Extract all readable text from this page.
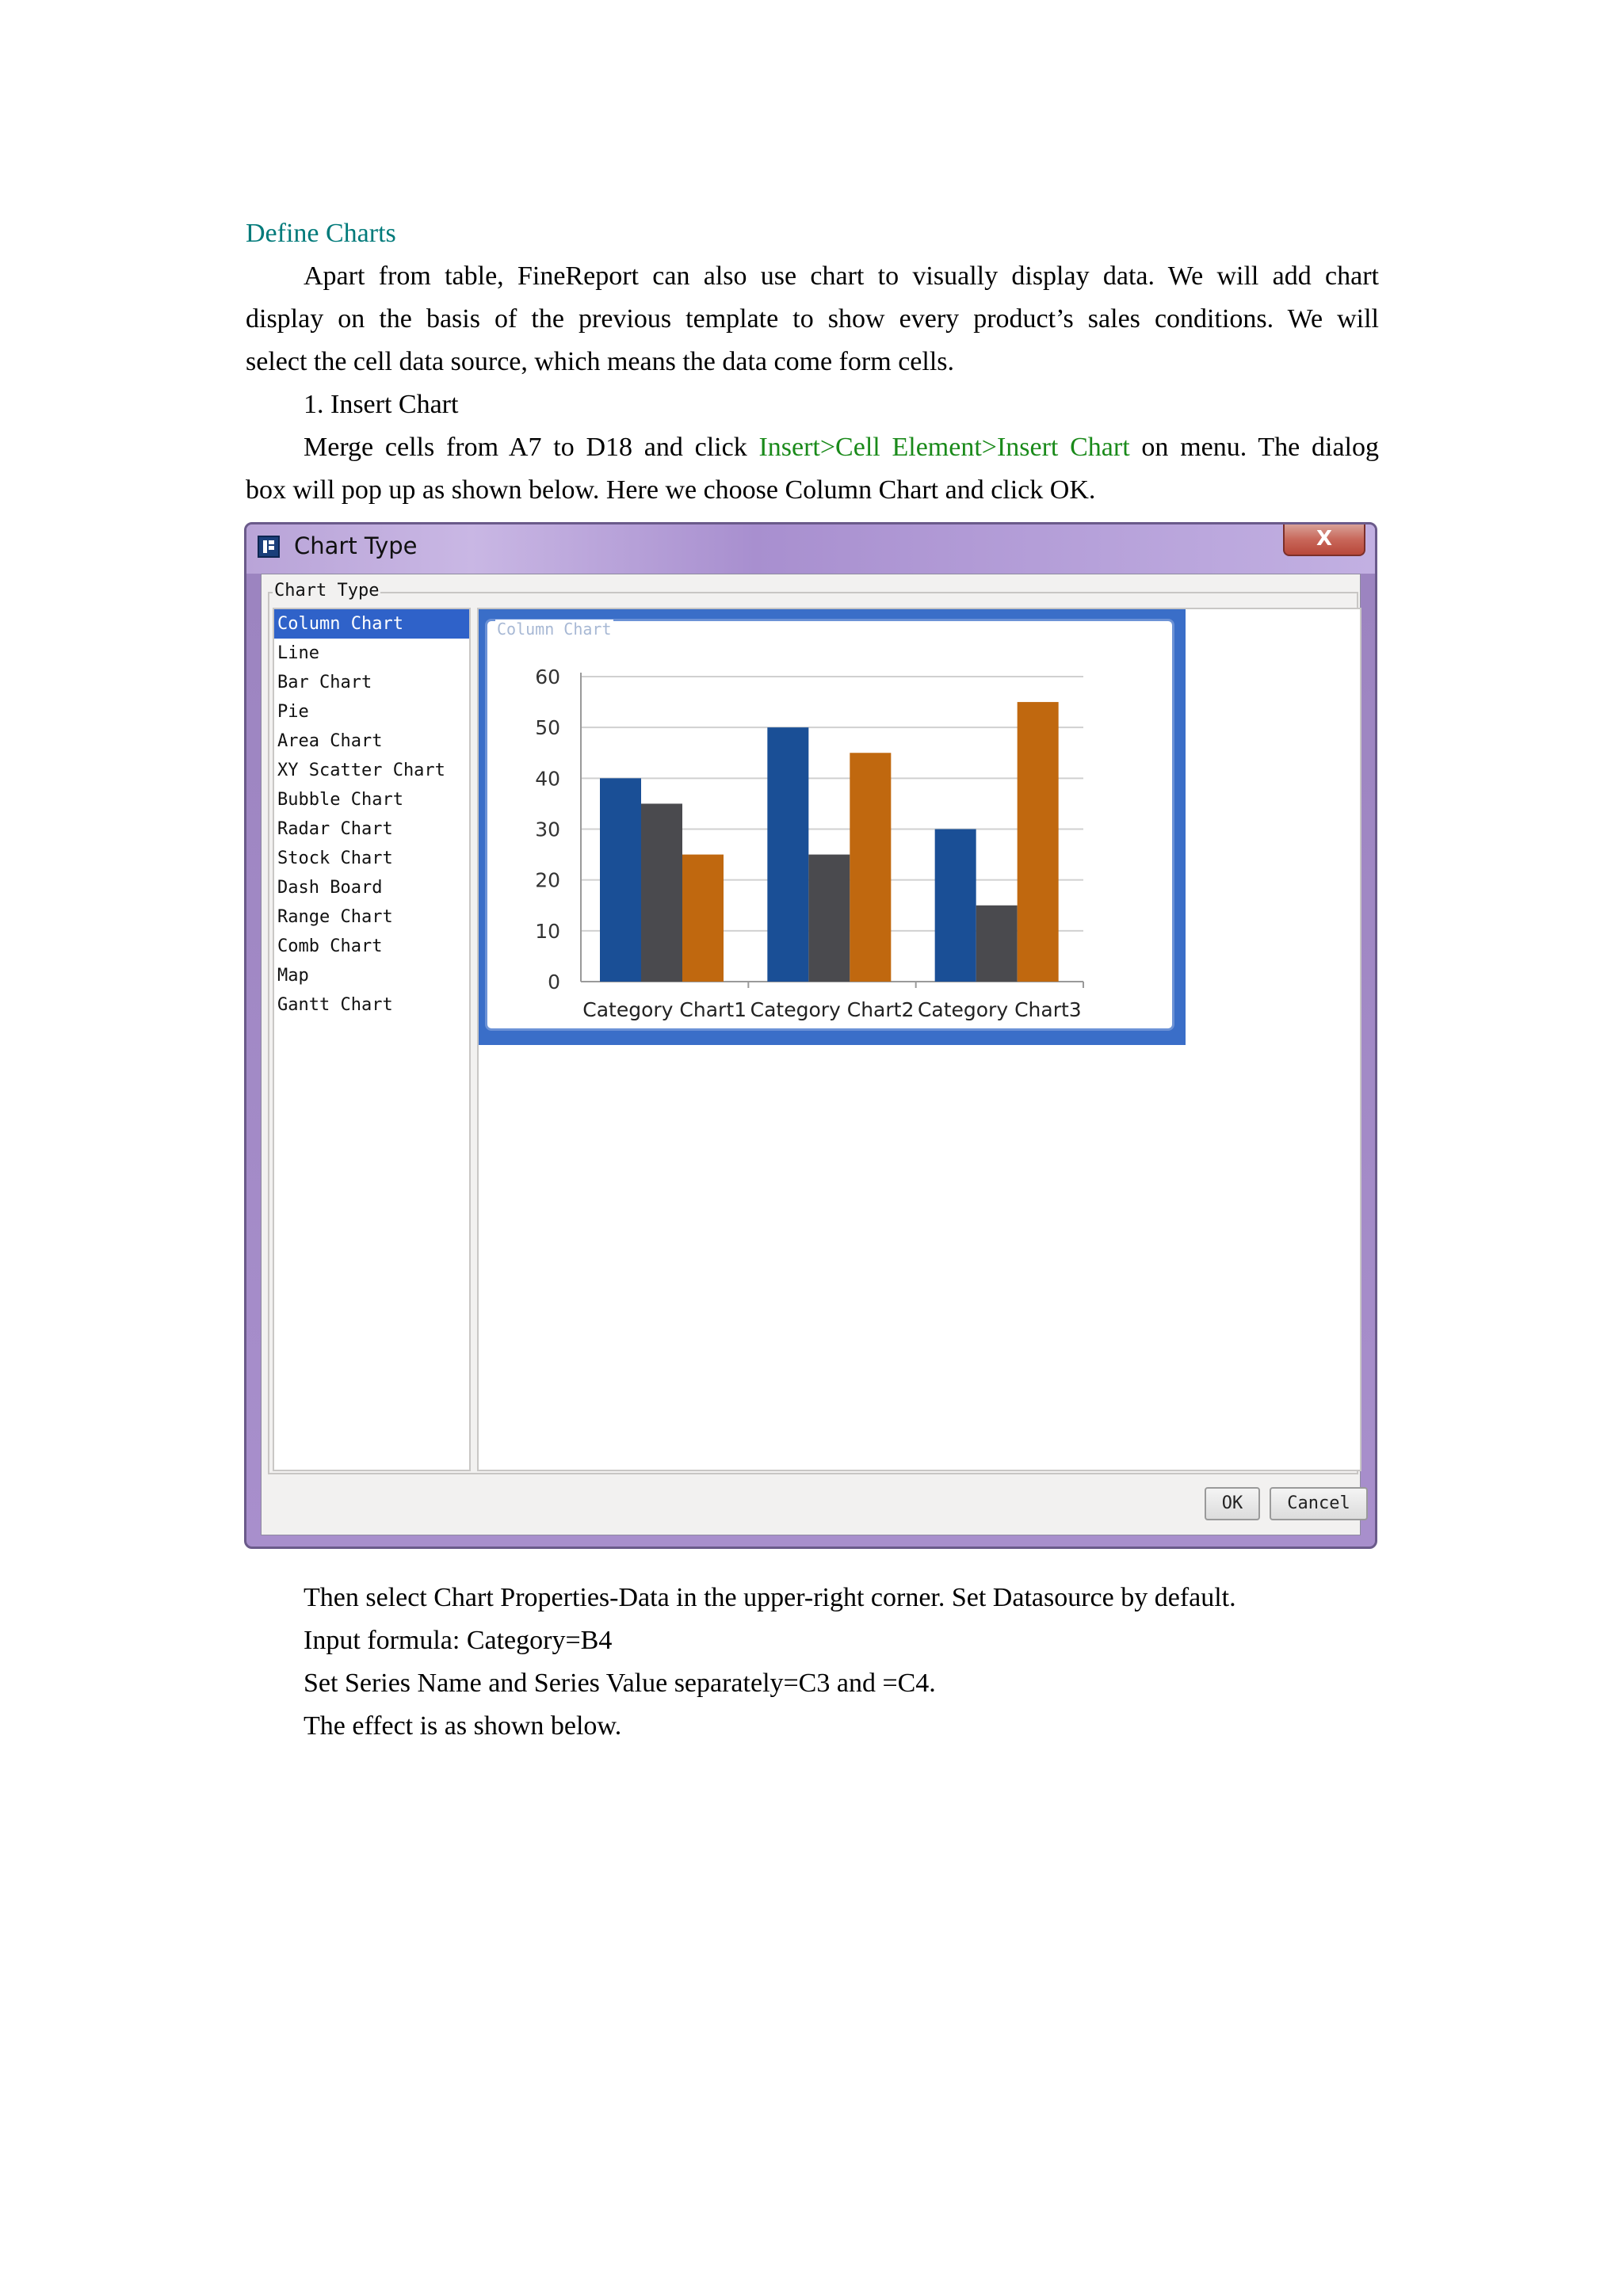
Define Charts
Apart from table, FineReport can also use chart to visually display data. We will add chart
display on the basis of the previous template to show every product’s sales conditions. We will
select the cell data source, which means the data come form cells.
1. Insert Chart
Merge cells from A7 to D18 and click Insert>Cell Element>Insert Chart on menu. The dialog
box will pop up as shown below. Here we choose Column Chart and click OK.
Chart Type	X
Chart Type
Column Chart
Line
Bar Chart
Pie
Area Chart
XY Scatter Chart
Bubble Chart
Radar Chart
Stock Chart
Dash Board
Range Chart
Comb Chart
Map
Gantt Chart
Column Chart
0
10
20
30
40
50
60
Category Chart1 Category Chart2 Category Chart3
OK	Cancel
Then select Chart Properties-Data in the upper-right corner. Set Datasource by default.
Input formula: Category=B4
Set Series Name and Series Value separately=C3 and =C4.
The effect is as shown below.
